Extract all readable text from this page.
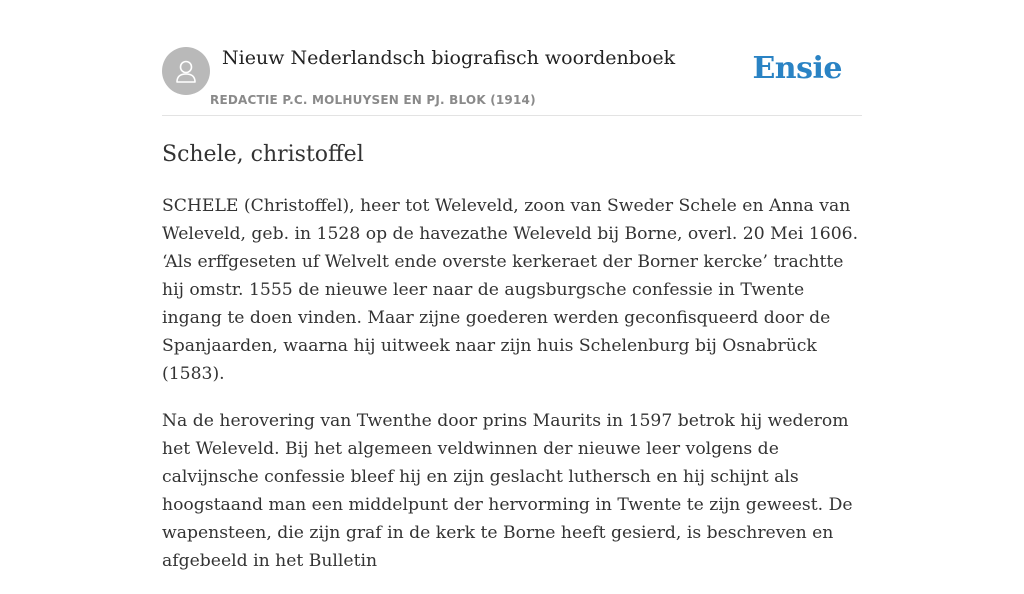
Nieuw Nederlandsch biografisch woordenboek
REDACTIE P.C. MOLHUYSEN EN PJ. BLOK (1914)
Ensie
Schele, christoffel

SCHELE (Christoffel), heer tot Weleveld, zoon van Sweder Schele en Anna van Weleveld, geb. in 1528 op de havezathe Weleveld bij Borne, overl. 20 Mei 1606. ‘Als erffgeseten uf Welvelt ende overste kerkeraet der Borner kercke’ trachtte hij omstr. 1555 de nieuwe leer naar de augsburgsche confessie in Twente ingang te doen vinden. Maar zijne goederen werden geconfisqueerd door de Spanjaarden, waarna hij uitweek naar zijn huis Schelenburg bij Osnabrück (1583).

Na de herovering van Twenthe door prins Maurits in 1597 betrok hij wederom het Weleveld. Bij het algemeen veldwinnen der nieuwe leer volgens de calvijnsche confessie bleef hij en zijn geslacht luthersch en hij schijnt als hoogstaand man een middelpunt der hervorming in Twente te zijn geweest. De wapensteen, die zijn graf in de kerk te Borne heeft gesierd, is beschreven en afgebeeld in het Bulletin
